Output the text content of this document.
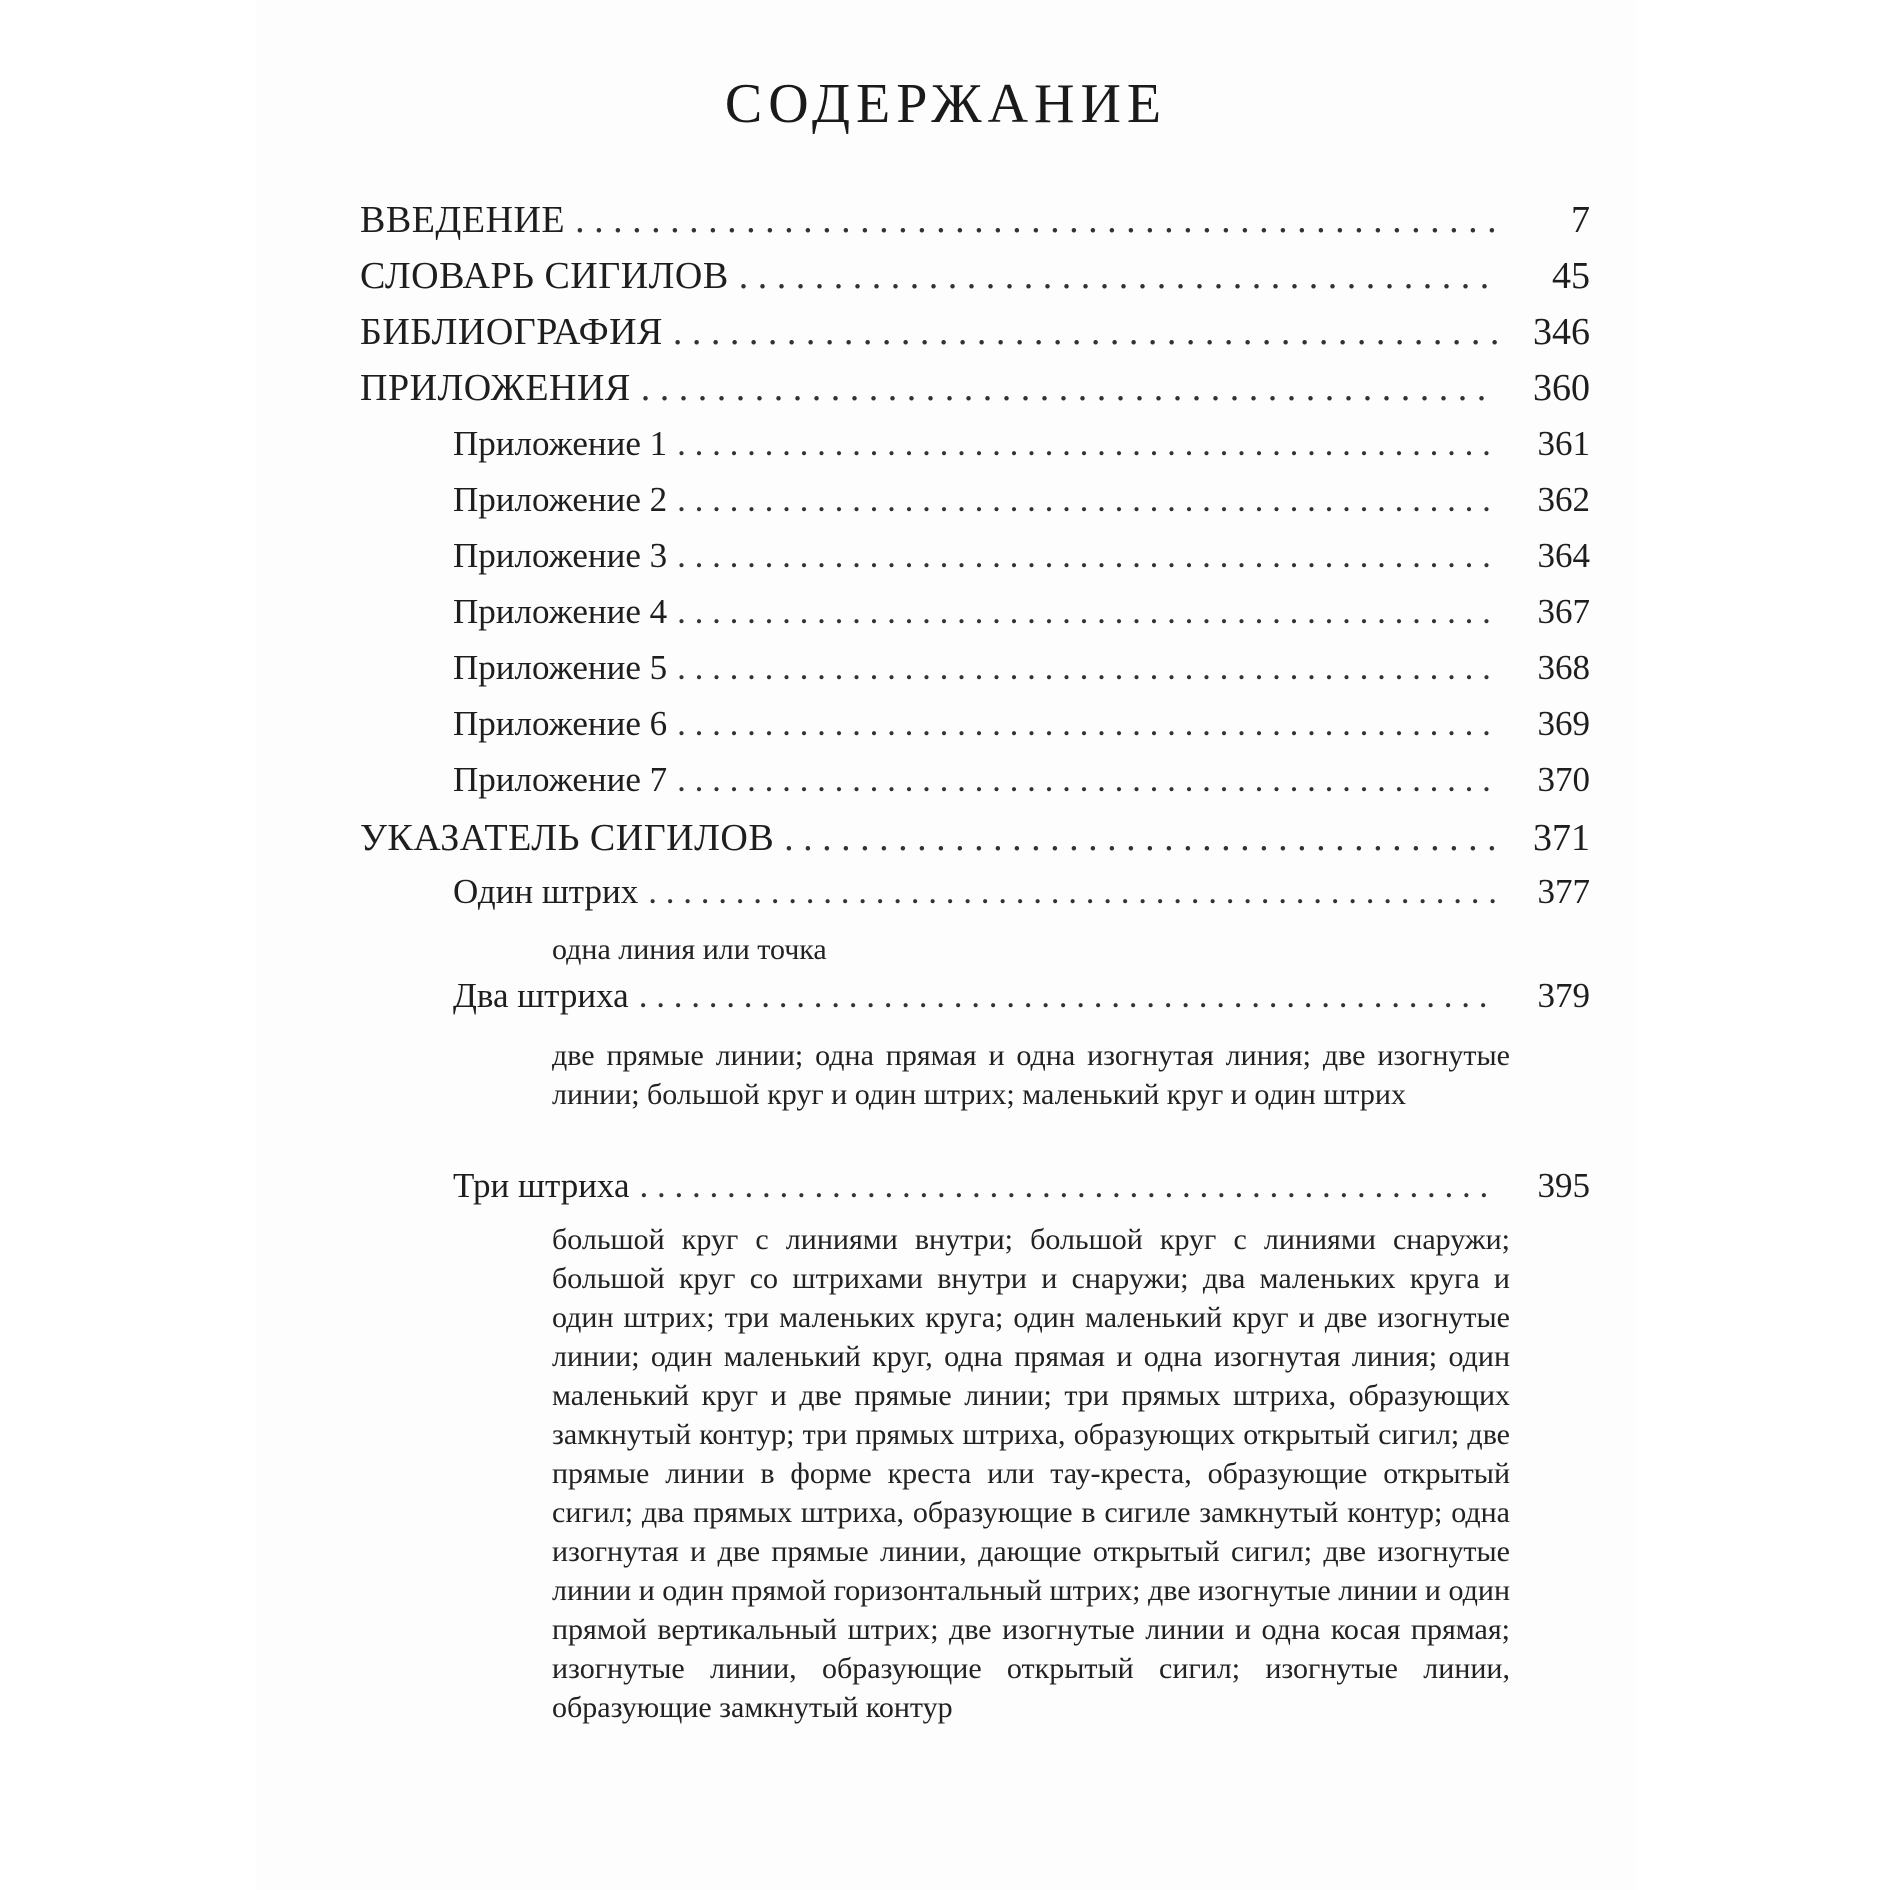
СОДЕРЖАНИЕ
ВВЕДЕНИЕ . . .	7
СЛОВАРЬ СИГИЛОВ . . .	45
БИБЛИОГРАФИЯ . . .	346
ПРИЛОЖЕНИЯ . . .	360
Приложение 1 . . .	361
Приложение 2 . . .	362
Приложение 3 . . .	364
Приложение 4 . . .	367
Приложение 5 . . .	368
Приложение 6 . . .	369
Приложение 7 . . .	370
УКАЗАТЕЛЬ СИГИЛОВ . . .	371
Один штрих . . .	377
одна линия или точка
Два штриха . . .	379
две прямые линии; одна прямая и одна изогнутая линия; две изогнутые линии; большой круг и один штрих; маленький круг и один штрих
Три штриха . . .	395
большой круг с линиями внутри; большой круг с линиями снаружи; большой круг со штрихами внутри и снаружи; два маленьких круга и один штрих; три маленьких круга; один маленький круг и две изогнутые линии; один маленький круг, одна прямая и одна изогнутая линия; один маленький круг и две прямые линии; три прямых штриха, образующих замкнутый контур; три прямых штриха, образующих открытый сигил; две прямые линии в форме креста или тау-креста, образующие открытый сигил; два прямых штриха, образующие в сигиле замкнутый контур; одна изогнутая и две прямые линии, дающие открытый сигил; две изогнутые линии и один прямой горизонтальный штрих; две изогнутые линии и один прямой вертикальный штрих; две изогнутые линии и одна косая прямая; изогнутые линии, образующие открытый сигил; изогнутые линии, образующие замкнутый контур
